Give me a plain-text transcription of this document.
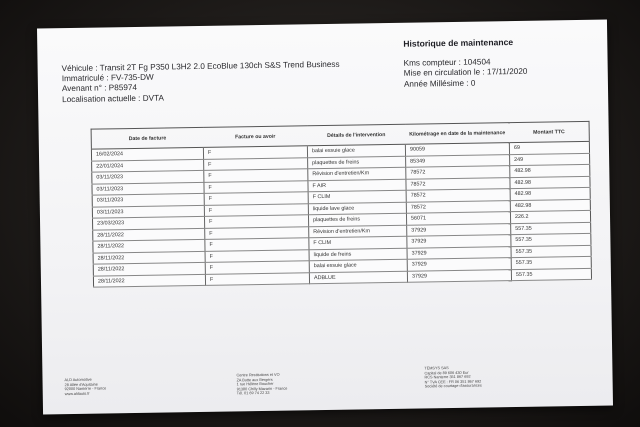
Historique de maintenance
Véhicule : Transit 2T Fg P350 L3H2 2.0 EcoBlue 130ch S&S Trend Business
Immatriculé : FV-735-DW
Avenant n° : P85974
Localisation actuelle : DVTA
Kms compteur : 104504
Mise en circulation le : 17/11/2020
Année Millésime : 0
Date de facture	Facture ou avoir	Détails de l'intervention	Kilométrage en date de la maintenance	Montant TTC
16/02/2024	F	balai essuie glace	90059	69
22/01/2024	F	plaquettes de freins	85349	249
03/11/2023	F	Révision d'entretien/Km	78572	482.98
03/11/2023	F	F AIR	78572	482.98
03/11/2023	F	F CLIM	78572	482.98
03/11/2023	F	liquide lave glace	78572	482.98
23/03/2023	F	plaquettes de freins	56071	226.2
28/11/2022	F	Révision d'entretien/Km	37929	557.35
28/11/2022	F	F CLIM	37929	557.35
28/11/2022	F	liquide de freins	37929	557.35
28/11/2022	F	balai essuie glace	37929	557.35
28/11/2022	F	ADBLUE	37929	557.35
ALD Automotive
28 Allée d'Aquitaine
92000 Nanterre - France
www.aldauto.fr
Centre Restitutions et VO
ZA Butte aux Bergers
1 rue Hélène Boucher
91380 Chilly Mazarin - France
Tél. 01 69 74 22 33
TEMSYS SAS
Capital de 89 606 430 Eur
RCS Nanterre 351 867 692
N° TVA CEE : FR 06 351 867 692
Société de courtage d'assurances
